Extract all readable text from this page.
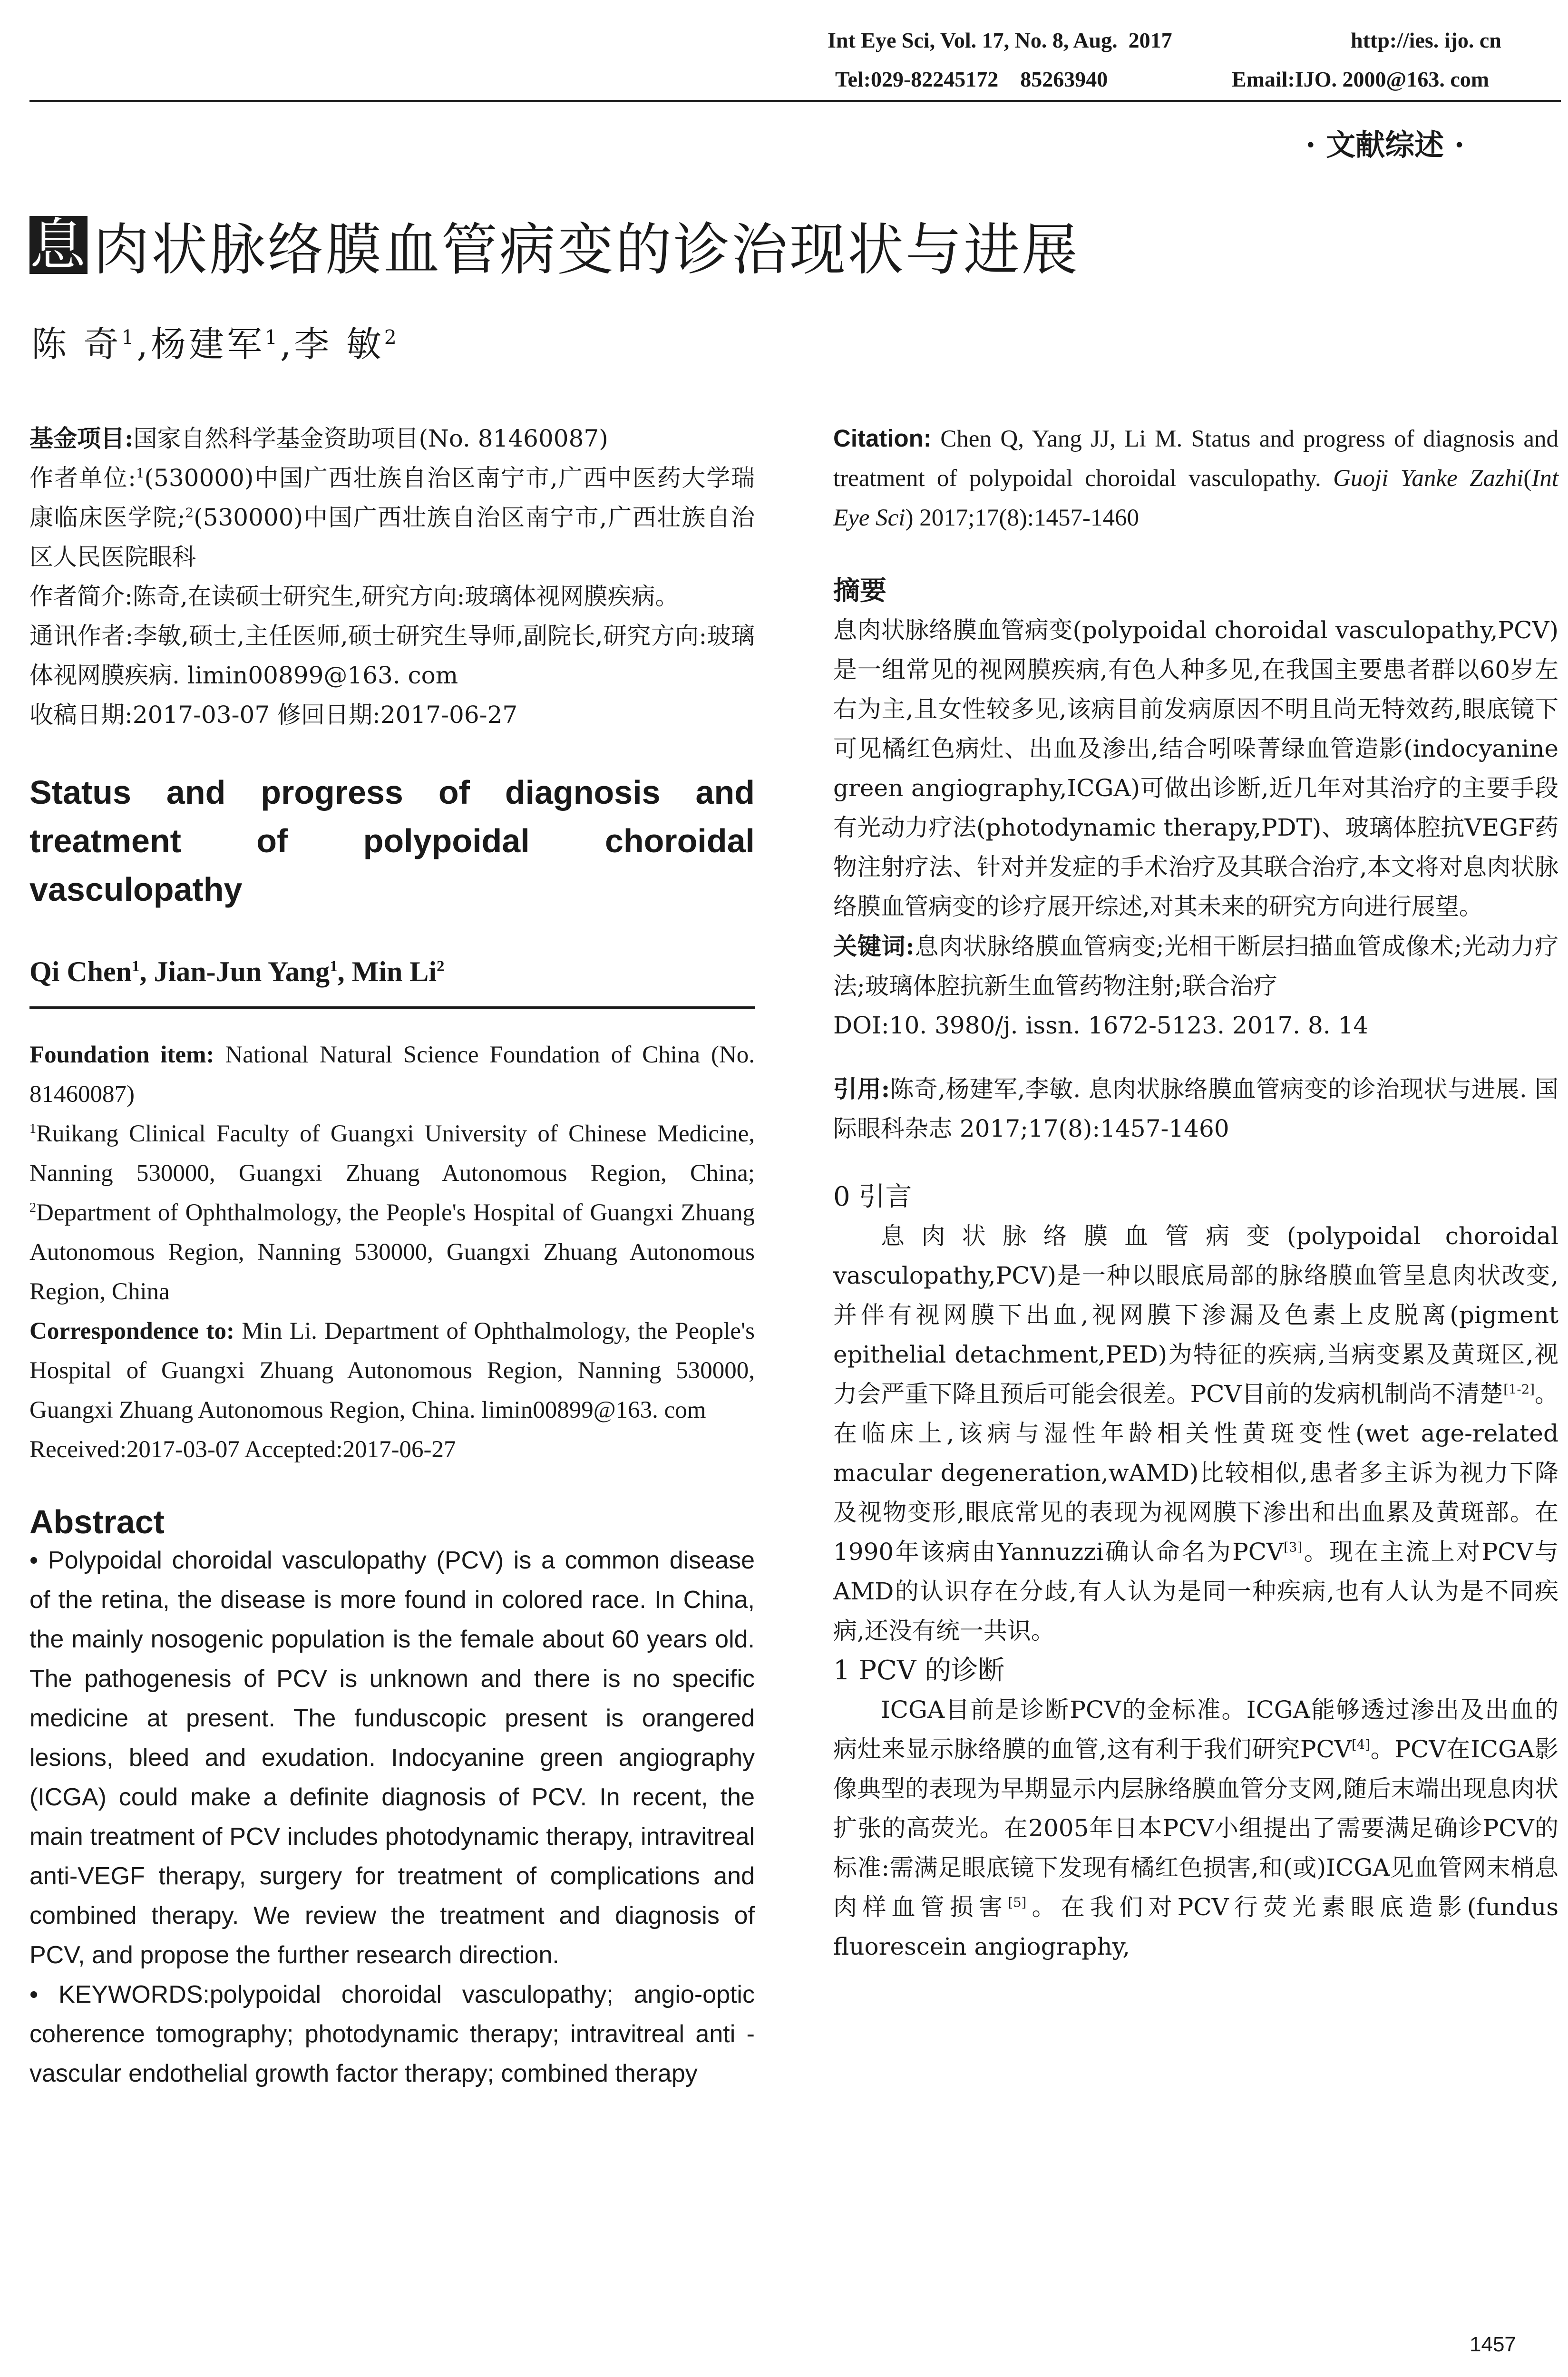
Int Eye Sci, Vol. 17, No. 8, Aug.  2017	http://ies. ijo. cn
Tel:029-82245172    85263940	Email:IJO. 2000@163. com
· 文献综述 ·
息 肉状脉络膜血管病变的诊治现状与进展
陈 奇$^1$,杨建军$^1$,李 敏$^2$

基金项目:国家自然科学基金资助项目(No. 81460087)

作者单位:$^1$(530000)中国广西壮族自治区南宁市,广西中医药大学瑞康临床医学院;$^2$(530000)中国广西壮族自治区南宁市,广西壮族自治区人民医院眼科

作者简介:陈奇,在读硕士研究生,研究方向:玻璃体视网膜疾病。

通讯作者:李敏,硕士,主任医师,硕士研究生导师,副院长,研究方向:玻璃体视网膜疾病. limin00899@163. com

收稿日期:2017-03-07 修回日期:2017-06-27

Status and progress of diagnosis and treatment of polypoidal choroidal vasculopathy

Qi Chen$^1$, Jian-Jun Yang$^1$, Min Li$^2$

Foundation item: National Natural Science Foundation of China (No. 81460087)

$^1$Ruikang Clinical Faculty of Guangxi University of Chinese Medicine, Nanning 530000, Guangxi Zhuang Autonomous Region, China; $^2$Department of Ophthalmology, the People's Hospital of Guangxi Zhuang Autonomous Region, Nanning 530000, Guangxi Zhuang Autonomous Region, China

Correspondence to: Min Li. Department of Ophthalmology, the People's Hospital of Guangxi Zhuang Autonomous Region, Nanning 530000, Guangxi Zhuang Autonomous Region, China. limin00899@163. com

Received:2017-03-07 Accepted:2017-06-27

Abstract

• Polypoidal choroidal vasculopathy (PCV) is a common disease of the retina, the disease is more found in colored race. In China, the mainly nosogenic population is the female about 60 years old. The pathogenesis of PCV is unknown and there is no specific medicine at present. The funduscopic present is orangered lesions, bleed and exudation. Indocyanine green angiography (ICGA) could make a definite diagnosis of PCV. In recent, the main treatment of PCV includes photodynamic therapy, intravitreal anti-VEGF therapy, surgery for treatment of complications and combined therapy. We review the treatment and diagnosis of PCV, and propose the further research direction.

• KEYWORDS:polypoidal choroidal vasculopathy; angio-optic coherence tomography; photodynamic therapy; intravitreal anti - vascular endothelial growth factor therapy; combined therapy

Citation: Chen Q, Yang JJ, Li M. Status and progress of diagnosis and treatment of polypoidal choroidal vasculopathy. Guoji Yanke Zazhi(Int Eye Sci) 2017;17(8):1457-1460

摘要

息肉状脉络膜血管病变(polypoidal choroidal vasculopathy,PCV)是一组常见的视网膜疾病,有色人种多见,在我国主要患者群以60岁左右为主,且女性较多见,该病目前发病原因不明且尚无特效药,眼底镜下可见橘红色病灶、出血及渗出,结合吲哚菁绿血管造影(indocyanine green angiography,ICGA)可做出诊断,近几年对其治疗的主要手段有光动力疗法(photodynamic therapy,PDT)、玻璃体腔抗VEGF药物注射疗法、针对并发症的手术治疗及其联合治疗,本文将对息肉状脉络膜血管病变的诊疗展开综述,对其未来的研究方向进行展望。

关键词:息肉状脉络膜血管病变;光相干断层扫描血管成像术;光动力疗法;玻璃体腔抗新生血管药物注射;联合治疗

DOI:10. 3980/j. issn. 1672-5123. 2017. 8. 14

引用:陈奇,杨建军,李敏. 息肉状脉络膜血管病变的诊治现状与进展. 国际眼科杂志 2017;17(8):1457-1460

0 引言

息肉状脉络膜血管病变(polypoidal choroidal vasculopathy,PCV)是一种以眼底局部的脉络膜血管呈息肉状改变,并伴有视网膜下出血,视网膜下渗漏及色素上皮脱离(pigment epithelial detachment,PED)为特征的疾病,当病变累及黄斑区,视力会严重下降且预后可能会很差。PCV目前的发病机制尚不清楚[1-2]。在临床上,该病与湿性年龄相关性黄斑变性(wet age-related macular degeneration,wAMD)比较相似,患者多主诉为视力下降及视物变形,眼底常见的表现为视网膜下渗出和出血累及黄斑部。在1990年该病由Yannuzzi确认命名为PCV[3]。现在主流上对PCV与AMD的认识存在分歧,有人认为是同一种疾病,也有人认为是不同疾病,还没有统一共识。

1 PCV 的诊断

ICGA目前是诊断PCV的金标准。ICGA能够透过渗出及出血的病灶来显示脉络膜的血管,这有利于我们研究PCV[4]。PCV在ICGA影像典型的表现为早期显示内层脉络膜血管分支网,随后末端出现息肉状扩张的高荧光。在2005年日本PCV小组提出了需要满足确诊PCV的标准:需满足眼底镜下发现有橘红色损害,和(或)ICGA见血管网末梢息肉样血管损害[5]。在我们对PCV行荧光素眼底造影(fundus fluorescein angiography,

1457
